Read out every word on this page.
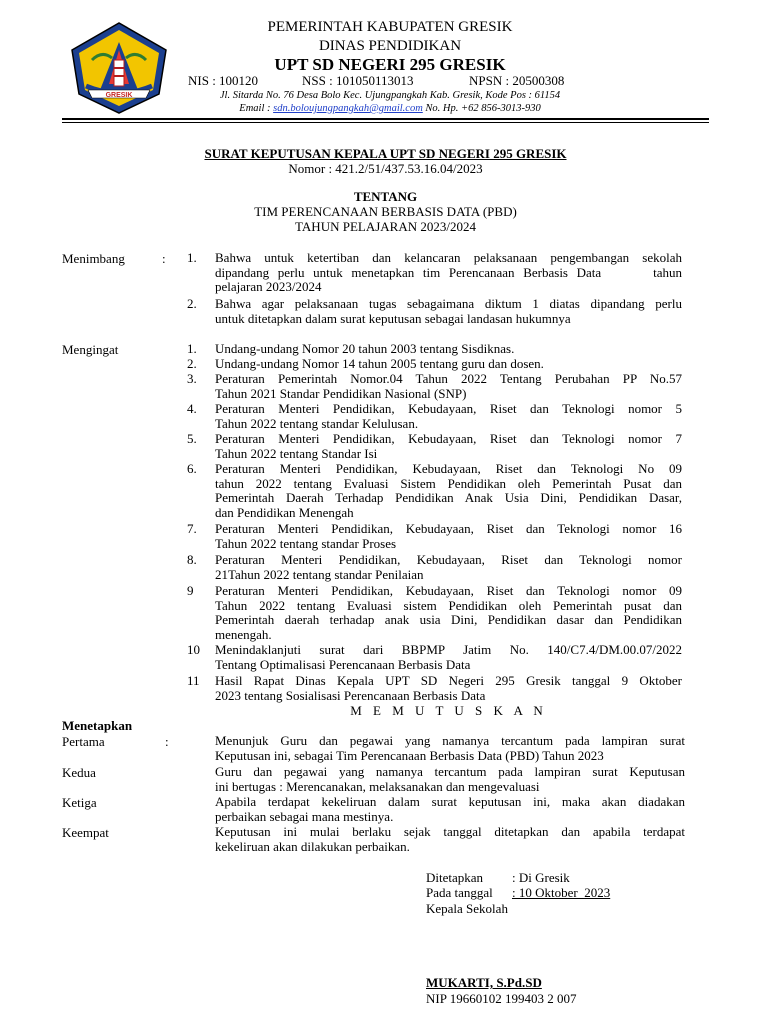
GRESIK
PEMERINTAH KABUPATEN GRESIK
DINAS PENDIDIKAN
UPT SD NEGERI 295 GRESIK
NIS : 100120	NSS : 101050113013	NPSN : 20500308
Jl. Sitarda No. 76 Desa Bolo Kec. Ujungpangkah Kab. Gresik, Kode Pos : 61154
Email : sdn.boloujungpangkah@gmail.com No. Hp. +62 856-3013-930
SURAT KEPUTUSAN KEPALA UPT SD NEGERI 295 GRESIK
Nomor : 421.2/51/437.53.16.04/2023
TENTANG
TIM PERENCANAAN BERBASIS DATA (PBD)
TAHUN PELAJARAN 2023/2024
Menimbang	: 1.	Bahwa untuk ketertiban dan kelancaran pelaksanaan pengembangan sekolah
dipandang perlu untuk menetapkan tim Perencanaan Berbasis Data      tahun
pelajaran 2023/2024
2.	Bahwa agar pelaksanaan tugas sebagaimana diktum 1 diatas dipandang perlu
untuk ditetapkan dalam surat keputusan sebagai landasan hukumnya
Mengingat	1.	Undang-undang Nomor 20 tahun 2003 tentang Sisdiknas.
2.	Undang-undang Nomor 14 tahun 2005 tentang guru dan dosen.
3.	Peraturan Pemerintah Nomor.04 Tahun 2022 Tentang Perubahan PP No.57
Tahun 2021 Standar Pendidikan Nasional (SNP)
4.	Peraturan Menteri Pendidikan, Kebudayaan, Riset dan Teknologi nomor 5
Tahun 2022 tentang standar Kelulusan.
5.	Peraturan Menteri Pendidikan, Kebudayaan, Riset dan Teknologi nomor 7
Tahun 2022 tentang Standar Isi
6.	Peraturan Menteri Pendidikan, Kebudayaan, Riset dan Teknologi No 09
tahun 2022 tentang Evaluasi Sistem Pendidikan oleh Pemerintah Pusat dan
Pemerintah Daerah Terhadap Pendidikan Anak Usia Dini, Pendidikan Dasar,
dan Pendidikan Menengah
7.	Peraturan Menteri Pendidikan, Kebudayaan, Riset dan Teknologi nomor 16
Tahun 2022 tentang standar Proses
8.	Peraturan Menteri Pendidikan, Kebudayaan, Riset dan Teknologi nomor
21Tahun 2022 tentang standar Penilaian
9	Peraturan Menteri Pendidikan, Kebudayaan, Riset dan Teknologi nomor 09
Tahun 2022 tentang Evaluasi sistem Pendidikan oleh Pemerintah pusat dan
Pemerintah daerah terhadap anak usia Dini, Pendidikan dasar dan Pendidikan
menengah.
10	Menindaklanjuti surat dari BBPMP Jatim No. 140/C7.4/DM.00.07/2022
Tentang Optimalisasi Perencanaan Berbasis Data
11	Hasil Rapat Dinas Kepala UPT SD Negeri 295 Gresik tanggal 9 Oktober
2023 tentang Sosialisasi Perencanaan Berbasis Data
M E M U T U S K A N
Menetapkan
Pertama	:	Menunjuk Guru dan pegawai yang namanya tercantum pada lampiran surat
Keputusan ini, sebagai Tim Perencanaan Berbasis Data (PBD) Tahun 2023
Kedua	Guru dan pegawai yang namanya tercantum pada lampiran surat Keputusan
ini bertugas : Merencanakan, melaksanakan dan mengevaluasi
Ketiga	Apabila terdapat kekeliruan dalam surat keputusan ini, maka akan diadakan
perbaikan sebagai mana mestinya.
Keempat	Keputusan ini mulai berlaku sejak tanggal ditetapkan dan apabila terdapat
kekeliruan akan dilakukan perbaikan.
Ditetapkan : Di Gresik
Pada tanggal : 10 Oktober  2023
Kepala Sekolah
MUKARTI, S.Pd.SD
NIP 19660102 199403 2 007
